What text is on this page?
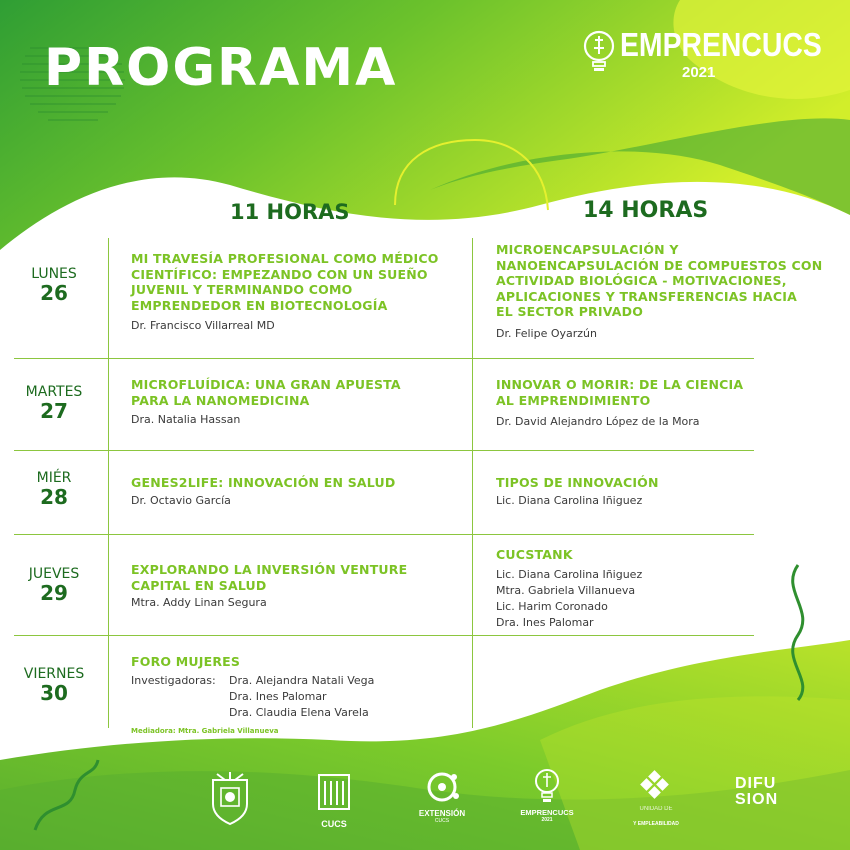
PROGRAMA	EMPRENCUCS
2021
11 HORAS	14 HORAS
LUNES
26
MI TRAVESÍA PROFESIONAL COMO MÉDICO
CIENTÍFICO: EMPEZANDO CON UN SUEÑO
JUVENIL Y TERMINANDO COMO
EMPRENDEDOR EN BIOTECNOLOGÍA
Dr. Francisco Villarreal MD
MICROENCAPSULACIÓN Y
NANOENCAPSULACIÓN DE COMPUESTOS CON
ACTIVIDAD BIOLÓGICA - MOTIVACIONES,
APLICACIONES Y TRANSFERENCIAS HACIA
EL SECTOR PRIVADO
Dr. Felipe Oyarzún
MARTES
27
MICROFLUÍDICA: UNA GRAN APUESTA
PARA LA NANOMEDICINA
Dra. Natalia Hassan
INNOVAR O MORIR: DE LA CIENCIA
AL EMPRENDIMIENTO
Dr. David Alejandro López de la Mora
MIÉR
28
GENES2LIFE: INNOVACIÓN EN SALUD
Dr. Octavio García
TIPOS DE INNOVACIÓN
Lic. Diana Carolina Iñiguez
JUEVES
29
EXPLORANDO LA INVERSIÓN VENTURE
CAPITAL EN SALUD
Mtra. Addy Linan Segura
CUCSTANK
Lic. Diana Carolina Iñiguez
Mtra. Gabriela Villanueva
Lic. Harim Coronado
Dra. Ines Palomar
VIERNES
30
FORO MUJERES
Investigadoras: Dra. Alejandra Natali Vega
Dra. Ines Palomar
Dra. Claudia Elena Varela
Mediadora: Mtra. Gabriela Villanueva
CUCS
EXTENSIÓN
CUCS
EMPRENCUCS
2021
UNIDAD DE
Y EMPLEABILIDAD
DIFU
SION
